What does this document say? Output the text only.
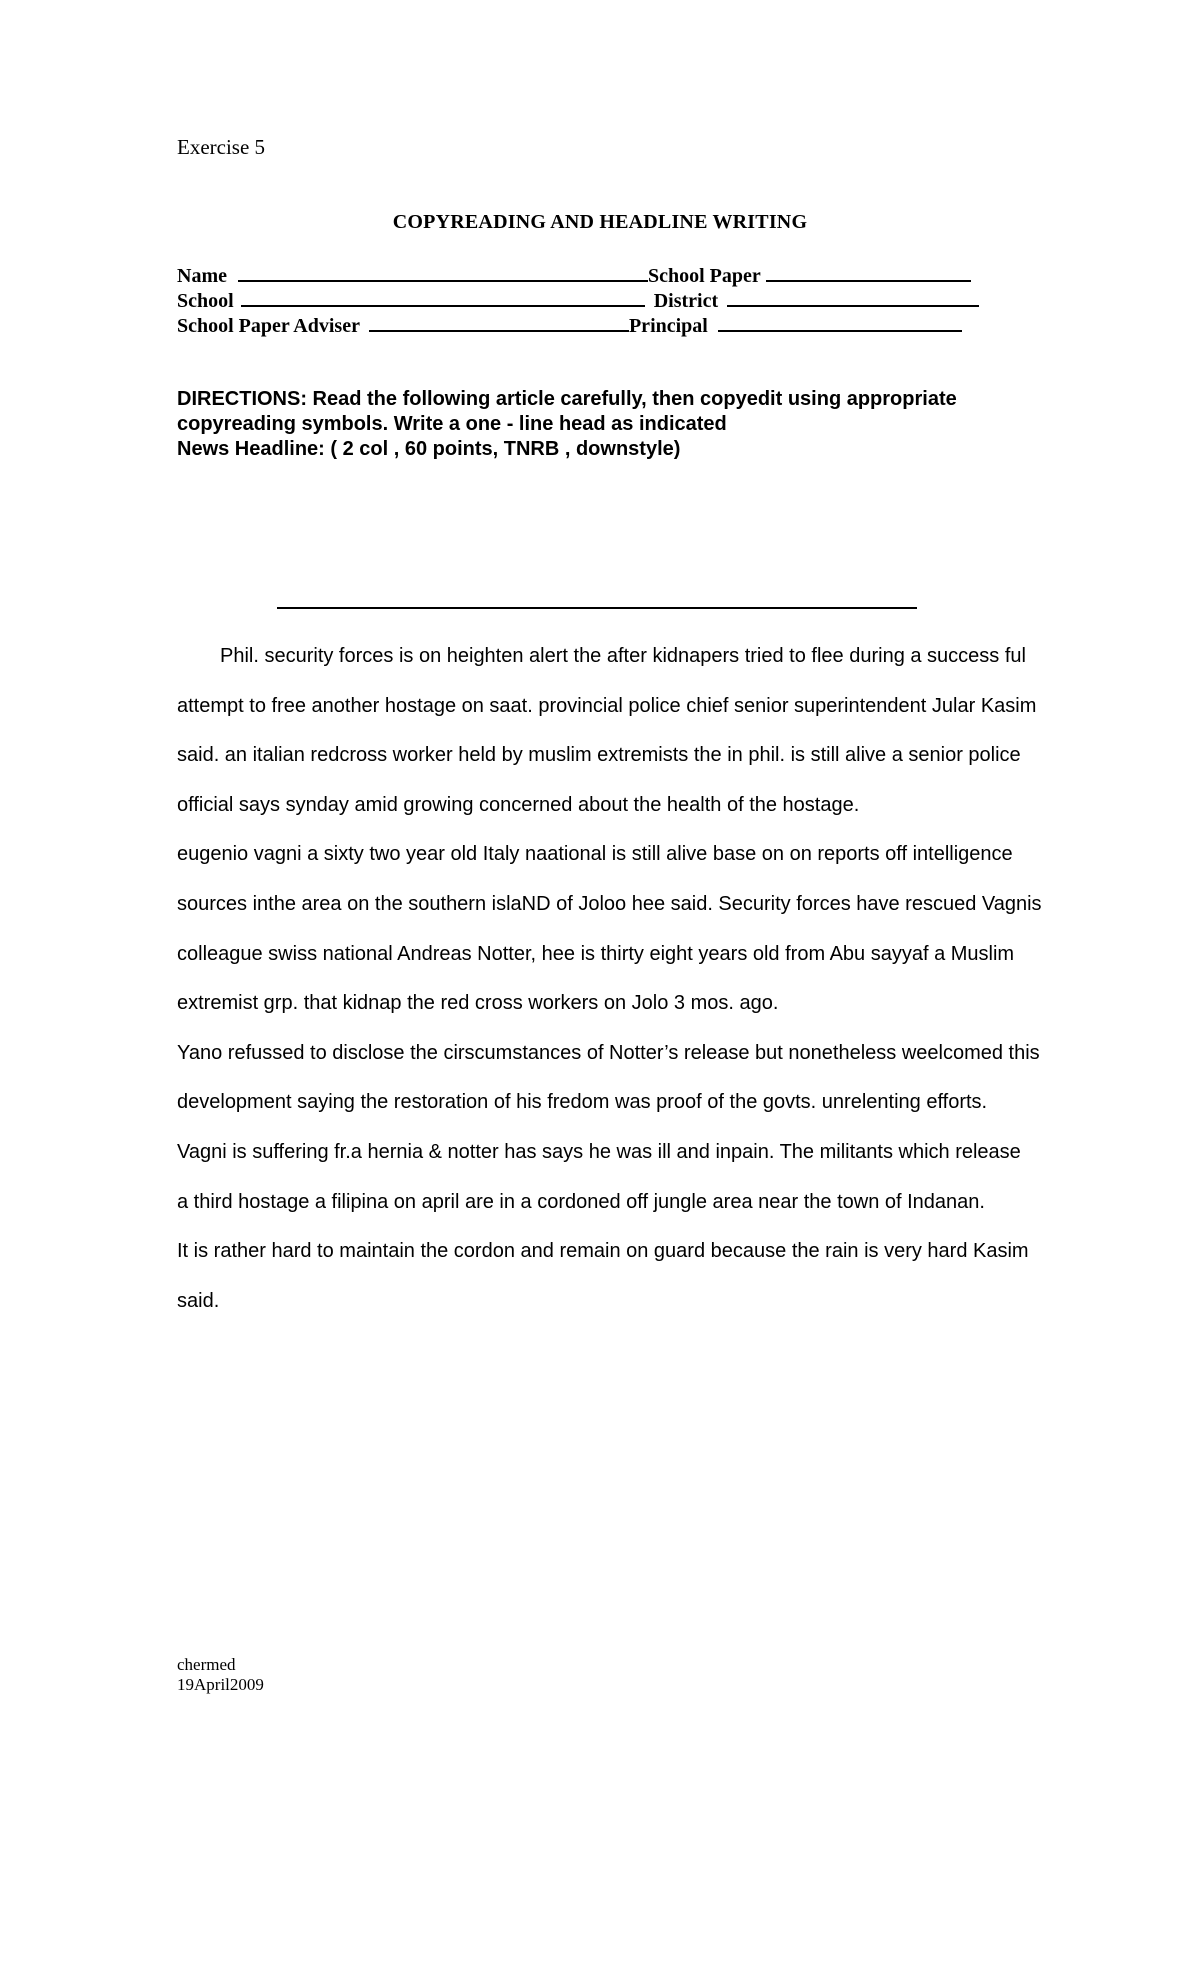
Exercise 5
COPYREADING AND HEADLINE WRITING
Name	School Paper
School	District
School Paper Adviser	Principal
DIRECTIONS: Read the following article carefully, then copyedit using appropriate
copyreading symbols. Write a one - line head as indicated
News Headline: ( 2 col , 60 points, TNRB , downstyle)
Phil. security forces is on heighten alert the after kidnapers tried to flee during a success ful
attempt to free another hostage on saat. provincial police chief senior superintendent Jular Kasim
said. an italian redcross worker held by muslim extremists the in phil. is still alive a senior police
official says synday amid growing concerned about the health of the hostage.
eugenio vagni a sixty two year old Italy naational is still alive base on on reports off intelligence
sources inthe area on the southern islaND of Joloo hee said. Security forces have rescued Vagnis
colleague swiss national Andreas Notter, hee is thirty eight years old from Abu sayyaf a Muslim
extremist grp. that kidnap the red cross workers on Jolo 3 mos. ago.
Yano refussed to disclose the cirscumstances of Notter’s release but nonetheless weelcomed this
development saying the restoration of his fredom was proof of the govts. unrelenting efforts.
Vagni is suffering fr.a hernia & notter has says he was ill and inpain. The militants which release
a third hostage a filipina on april are in a cordoned off jungle area near the town of Indanan.
It is rather hard to maintain the cordon and remain on guard because the rain is very hard Kasim
said.
chermed
19April2009
